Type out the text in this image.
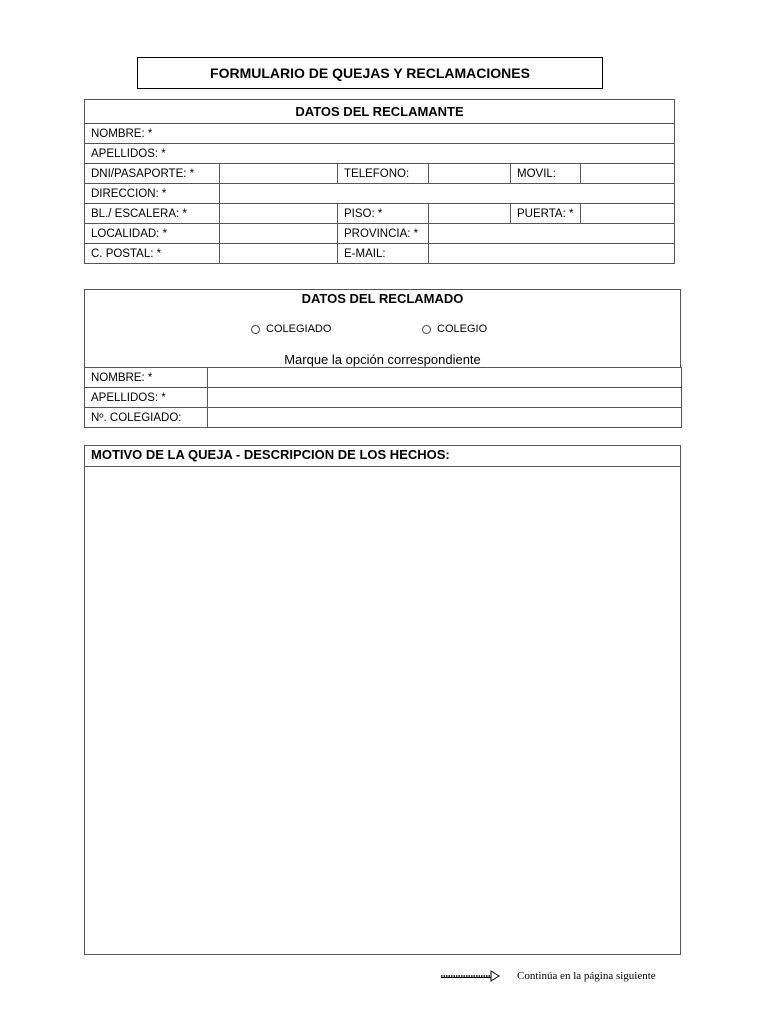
FORMULARIO DE QUEJAS Y RECLAMACIONES
DATOS DEL RECLAMANTE					
NOMBRE: *					
APELLIDOS: *					
DNI/PASAPORTE: *		TELEFONO:		MOVIL:	
DIRECCION: *					
BL./ ESCALERA: *		PISO: *		PUERTA: *	
LOCALIDAD: *		PROVINCIA: *			
C. POSTAL: *		E-MAIL:			
DATOS DEL RECLAMADO
COLEGIADO	COLEGIO
Marque la opción correspondiente
NOMBRE: *	
APELLIDOS: *	
Nº. COLEGIADO:	
MOTIVO DE LA QUEJA - DESCRIPCION DE LOS HECHOS:
Continúa en la página siguiente
